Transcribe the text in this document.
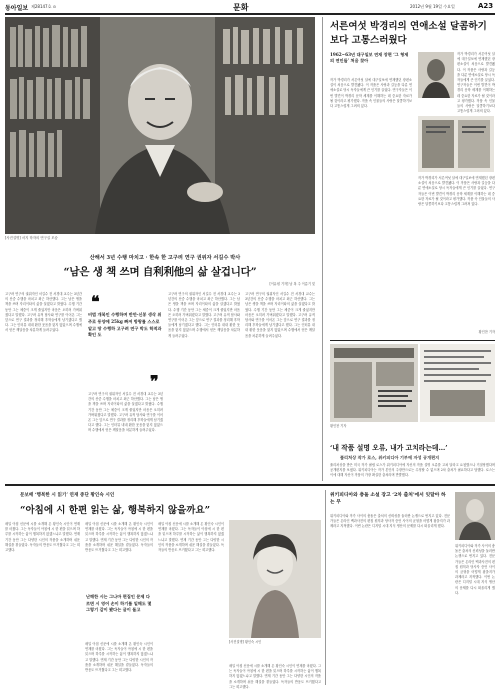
동아일보 제28147호 ⊙	문화	2012년 9월 19일 수요일	A23
[사진설명] 서지 학자의 연구실 모습
산해서 3년 수행 마치고 · 한속 한 고구려 연구 권위자 서길수 박사
“남은 생 책 쓰며 自利利他의 삶 살겁니다”
[이유원 기자] 남 복 주 이름기 및
고구려 연구의 권위자인 서길수 전 서경대 교수는 3년간의 산중 수행을 마치고 최근 하산했다. 그는 남은 생을 책을 쓰며 자리이타의 삶을 살겠다고 밝혔다. 수행 기간 동안 그는 체중이 크게 줄었지만 마음은 오히려 가벼워졌다고 말했다. 고구려 유적 답사와 연구를 이어온 그는 앞으로 연구 결과를 정리해 후학들에게 남기겠다고 했다. 그는 인터뷰 내내 환한 웃음을 잃지 않았으며 수행에서 얻은 깨달음을 차분하게 들려주었다.
❝
비법 개복인 수행하며 반만·신봉 생삭 위주로 동양에 25kg 빠져 방랑를 스스로 알고 땅 수행하 고구려 연구 박도 학적과 확인 도
❞
고구려 연구의 권위자인 서길수 전 서경대 교수는 3년간의 산중 수행을 마치고 최근 하산했다. 그는 남은 생을 책을 쓰며 자리이타의 삶을 살겠다고 밝혔다. 수행 기간 동안 그는 체중이 크게 줄었지만 마음은 오히려 가벼워졌다고 말했다. 고구려 유적 답사와 연구를 이어온 그는 앞으로 연구 결과를 정리해 후학들에게 남기겠다고 했다. 그는 인터뷰 내내 환한 웃음을 잃지 않았으며 수행에서 얻은 깨달음을 차분하게 들려주었다.
고구려 연구의 권위자인 서길수 전 서경대 교수는 3년간의 산중 수행을 마치고 최근 하산했다. 그는 남은 생을 책을 쓰며 자리이타의 삶을 살겠다고 밝혔다. 수행 기간 동안 그는 체중이 크게 줄었지만 마음은 오히려 가벼워졌다고 말했다. 고구려 유적 답사와 연구를 이어온 그는 앞으로 연구 결과를 정리해 후학들에게 남기겠다고 했다. 그는 인터뷰 내내 환한 웃음을 잃지 않았으며 수행에서 얻은 깨달음을 차분하게 들려주었다.
고구려 연구의 권위자인 서길수 전 서경대 교수는 3년간의 산중 수행을 마치고 최근 하산했다. 그는 남은 생을 책을 쓰며 자리이타의 삶을 살겠다고 밝혔다. 수행 기간 동안 그는 체중이 크게 줄었지만 마음은 오히려 가벼워졌다고 말했다. 고구려 유적 답사와 연구를 이어온 그는 앞으로 연구 결과를 정리해 후학들에게 남기겠다고 했다. 그는 인터뷰 내내 환한 웃음을 잃지 않았으며 수행에서 얻은 깨달음을 차분하게 들려주었다.
서른여섯 박경리의 연애소설 달콤하기보다 고통스러웠다
1962~63년 대구일보 연재 장편 ‘그 형제의 연인들’ 처음 찾아
작가 박경리가 서른여섯 살에 대구일보에 연재했던 장편소설이 처음으로 발견됐다. 이 작품은 사랑과 갈등을 다룬 연애소설로 당시 독자들에게 큰 인기를 끌었다. 연구자들은 이번 발견이 박경리 문학 세계를 이해하는 데 중요한 자료가 될 것이라고 평가했다. 작품 속 인물들의 사랑은 달콤하기보다 고통스럽게 그려져 있다.
작가 박경리가 서른여섯 살에 대구일보에 연재했던 장편소설이 처음으로 발견됐다. 이 작품은 사랑과 갈등을 다룬 연애소설로 당시 독자들에게 큰 인기를 끌었다. 연구자들은 이번 발견이 박경리 문학 세계를 이해하는 데 중요한 자료가 될 것이라고 평가했다. 작품 속 인물들의 사랑은 달콤하기보다 고통스럽게 그려져 있다.
작가 박경리가 서른여섯 살에 대구일보에 연재했던 장편소설이 처음으로 발견됐다. 이 작품은 사랑과 갈등을 다룬 연애소설로 당시 독자들에게 큰 인기를 끌었다. 연구자들은 이번 발견이 박경리 문학 세계를 이해하는 데 중요한 자료가 될 것이라고 평가했다. 작품 속 인물들의 사랑은 달콤하기보다 고통스럽게 그려져 있다.
황인찬 기자
황인찬 기자
‘내 작품 설명 오류, 내가 고치라는데…’
플리처상 작가 로스, 위키피디아 기부에 자성 공개편지
퓰리처상을 받은 미국 작가 필립 로스가 위키피디아에 자신의 작품 설명 오류를 고쳐 달라고 요청했으나 거절당했다며 공개편지를 보냈다. 위키피디아는 작가 본인의 주장만으로는 수정할 수 없으며 2차 출처가 필요하다고 답했다. 로스는 이에 대해 자신이 작품의 가장 확실한 출처라며 반발했다.
문보배 ‘행복한 시 읽기’ 연재 중단 황인숙 시인
“아침에 시 한편 읽는 삶, 행복하지 않을까요”
매일 아침 신문에 시를 소개해 온 황인숙 시인이 연재를 마쳤다. 그는 독자들이 아침에 시 한 편을 읽으며 하루를 시작하는 삶이 행복하지 않겠느냐고 말했다. 연재 기간 동안 그는 다양한 시인의 작품을 소개하며 쉬운 해설을 곁들였다. 독자들의 반응도 뜨거웠다고 그는 회고했다.
매일 아침 신문에 시를 소개해 온 황인숙 시인이 연재를 마쳤다. 그는 독자들이 아침에 시 한 편을 읽으며 하루를 시작하는 삶이 행복하지 않겠느냐고 말했다. 연재 기간 동안 그는 다양한 시인의 작품을 소개하며 쉬운 해설을 곁들였다. 독자들의 반응도 뜨거웠다고 그는 회고했다.
난해한 시는 그나마 편집인 문제 다르면 시 영어 손이 하기를 일해도 몇 그렇기 같이 봤다는 글이 돌고
매일 아침 신문에 시를 소개해 온 황인숙 시인이 연재를 마쳤다. 그는 독자들이 아침에 시 한 편을 읽으며 하루를 시작하는 삶이 행복하지 않겠느냐고 말했다. 연재 기간 동안 그는 다양한 시인의 작품을 소개하며 쉬운 해설을 곁들였다. 독자들의 반응도 뜨거웠다고 그는 회고했다.
매일 아침 신문에 시를 소개해 온 황인숙 시인이 연재를 마쳤다. 그는 독자들이 아침에 시 한 편을 읽으며 하루를 시작하는 삶이 행복하지 않겠느냐고 말했다. 연재 기간 동안 그는 다양한 시인의 작품을 소개하며 쉬운 해설을 곁들였다. 독자들의 반응도 뜨거웠다고 그는 회고했다.
[사진설명] 황인숙 시인
매일 아침 신문에 시를 소개해 온 황인숙 시인이 연재를 마쳤다. 그는 독자들이 아침에 시 한 편을 읽으며 하루를 시작하는 삶이 행복하지 않겠느냐고 말했다. 연재 기간 동안 그는 다양한 시인의 작품을 소개하며 쉬운 해설을 곁들였다. 독자들의 반응도 뜨거웠다고 그는 회고했다.
위키피디아와 충돌 소설 장고 ‘2차 출처’에서 잇달아 하는 무
위키피디아와 작가 사이의 충돌은 출처의 신뢰성을 둘러싼 논쟁으로 번지고 있다. 전문가들은 온라인 백과사전의 편집 원칙과 당사자 증언 사이의 균형을 어떻게 잡을지가 과제라고 지적했다. 이번 논란은 디지털 시대 지식 생산의 문제를 다시 떠올리게 했다.
위키피디아와 작가 사이의 충돌은 출처의 신뢰성을 둘러싼 논쟁으로 번지고 있다. 전문가들은 온라인 백과사전의 편집 원칙과 당사자 증언 사이의 균형을 어떻게 잡을지가 과제라고 지적했다. 이번 논란은 디지털 시대 지식 생산의 문제를 다시 떠올리게 했다.
